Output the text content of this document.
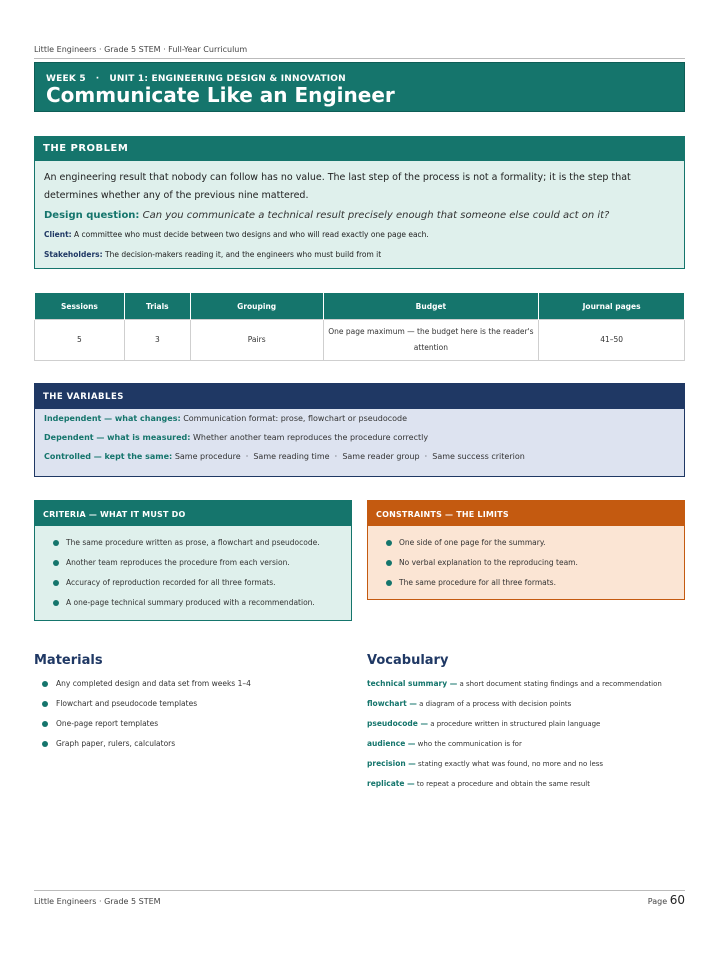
Little Engineers · Grade 5 STEM · Full-Year Curriculum
WEEK 5   ·   UNIT 1: ENGINEERING DESIGN & INNOVATION
Communicate Like an Engineer
THE PROBLEM
An engineering result that nobody can follow has no value. The last step of the process is not a formality; it is the step that determines whether any of the previous nine mattered.
Design question: Can you communicate a technical result precisely enough that someone else could act on it?
Client: A committee who must decide between two designs and who will read exactly one page each.
Stakeholders: The decision-makers reading it, and the engineers who must build from it
Sessions	Trials	Grouping	Budget	Journal pages
5	3	Pairs	One page maximum — the budget here is the reader's attention	41–50
THE VARIABLES
Independent — what changes: Communication format: prose, flowchart or pseudocode
Dependent — what is measured: Whether another team reproduces the procedure correctly
Controlled — kept the same: Same procedure  ·  Same reading time  ·  Same reader group  ·  Same success criterion
CRITERIA — WHAT IT MUST DO
The same procedure written as prose, a flowchart and pseudocode.
Another team reproduces the procedure from each version.
Accuracy of reproduction recorded for all three formats.
A one-page technical summary produced with a recommendation.
CONSTRAINTS — THE LIMITS
One side of one page for the summary.
No verbal explanation to the reproducing team.
The same procedure for all three formats.
Materials
Any completed design and data set from weeks 1–4
Flowchart and pseudocode templates
One-page report templates
Graph paper, rulers, calculators
Vocabulary
technical summary — a short document stating findings and a recommendation
flowchart — a diagram of a process with decision points
pseudocode — a procedure written in structured plain language
audience — who the communication is for
precision — stating exactly what was found, no more and no less
replicate — to repeat a procedure and obtain the same result
Little Engineers · Grade 5 STEM	Page 60
